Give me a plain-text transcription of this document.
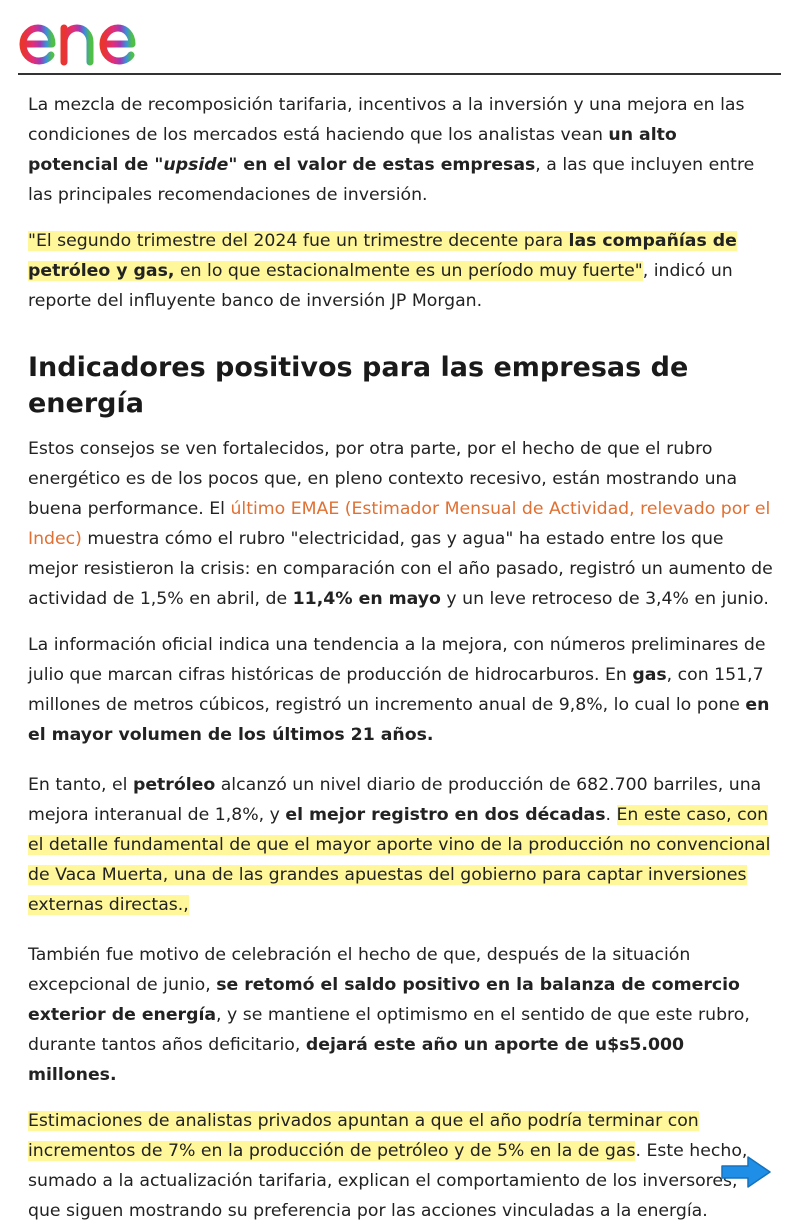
La mezcla de recomposición tarifaria, incentivos a la inversión y una mejora en las condiciones de los mercados está haciendo que los analistas vean un alto potencial de "upside" en el valor de estas empresas, a las que incluyen entre las principales recomendaciones de inversión.

"El segundo trimestre del 2024 fue un trimestre decente para las compañías de petróleo y gas, en lo que estacionalmente es un período muy fuerte", indicó un reporte del influyente banco de inversión JP Morgan.

Indicadores positivos para las empresas de energía

Estos consejos se ven fortalecidos, por otra parte, por el hecho de que el rubro energético es de los pocos que, en pleno contexto recesivo, están mostrando una buena performance. El último EMAE (Estimador Mensual de Actividad, relevado por el Indec) muestra cómo el rubro "electricidad, gas y agua" ha estado entre los que mejor resistieron la crisis: en comparación con el año pasado, registró un aumento de actividad de 1,5% en abril, de 11,4% en mayo y un leve retroceso de 3,4% en junio.

La información oficial indica una tendencia a la mejora, con números preliminares de julio que marcan cifras históricas de producción de hidrocarburos. En gas, con 151,7 millones de metros cúbicos, registró un incremento anual de 9,8%, lo cual lo pone en el mayor volumen de los últimos 21 años.

En tanto, el petróleo alcanzó un nivel diario de producción de 682.700 barriles, una mejora interanual de 1,8%, y el mejor registro en dos décadas. En este caso, con el detalle fundamental de que el mayor aporte vino de la producción no convencional de Vaca Muerta, una de las grandes apuestas del gobierno para captar inversiones externas directas.,

También fue motivo de celebración el hecho de que, después de la situación excepcional de junio, se retomó el saldo positivo en la balanza de comercio exterior de energía, y se mantiene el optimismo en el sentido de que este rubro, durante tantos años deficitario, dejará este año un aporte de u$s5.000 millones.

Estimaciones de analistas privados apuntan a que el año podría terminar con incrementos de 7% en la producción de petróleo y de 5% en la de gas. Este hecho, sumado a la actualización tarifaria, explican el comportamiento de los inversores, que siguen mostrando su preferencia por las acciones vinculadas a la energía.
